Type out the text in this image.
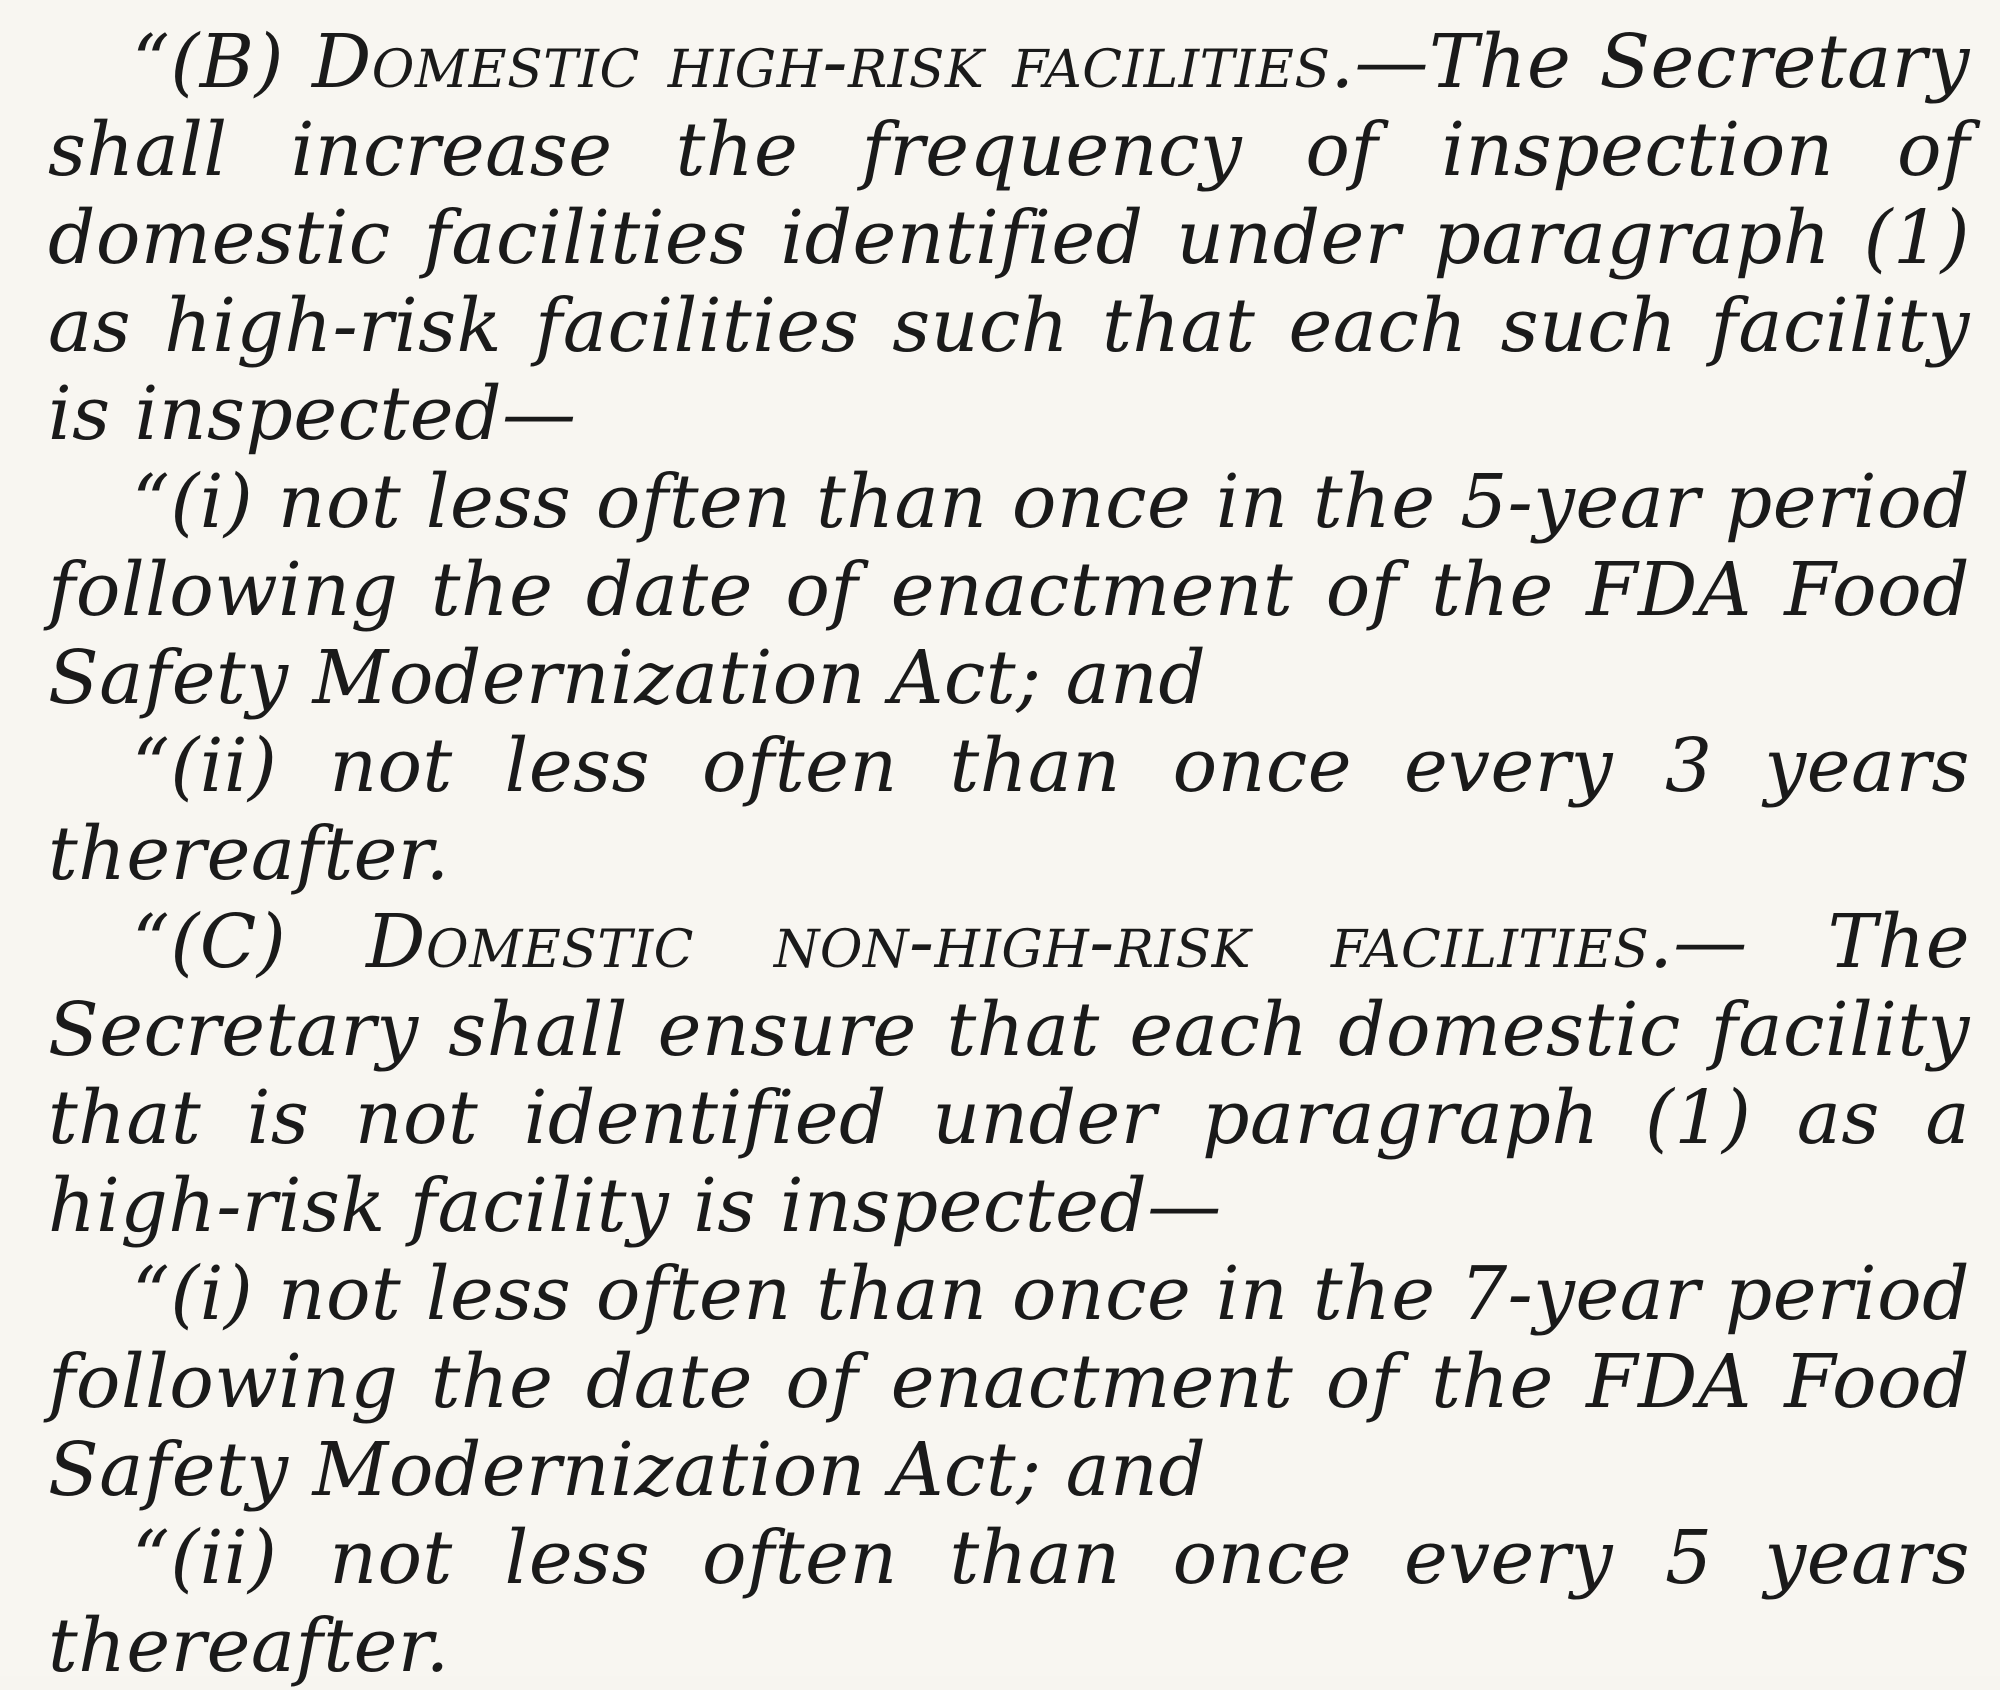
“(B) Domestic high-risk facilities.—The Secretary shall increase the frequency of inspection of domestic facilities identified under paragraph (1) as high-risk facilities such that each such facility is inspected—

“(i) not less often than once in the 5-year period following the date of enactment of the FDA Food Safety Modernization Act; and

“(ii) not less often than once every 3 years thereafter.

“(C) Domestic non-high-risk facilities.— The Secretary shall ensure that each domestic facility that is not identified under paragraph (1) as a high-risk facility is inspected—

“(i) not less often than once in the 7-year period following the date of enactment of the FDA Food Safety Modernization Act; and

“(ii) not less often than once every 5 years thereafter.
